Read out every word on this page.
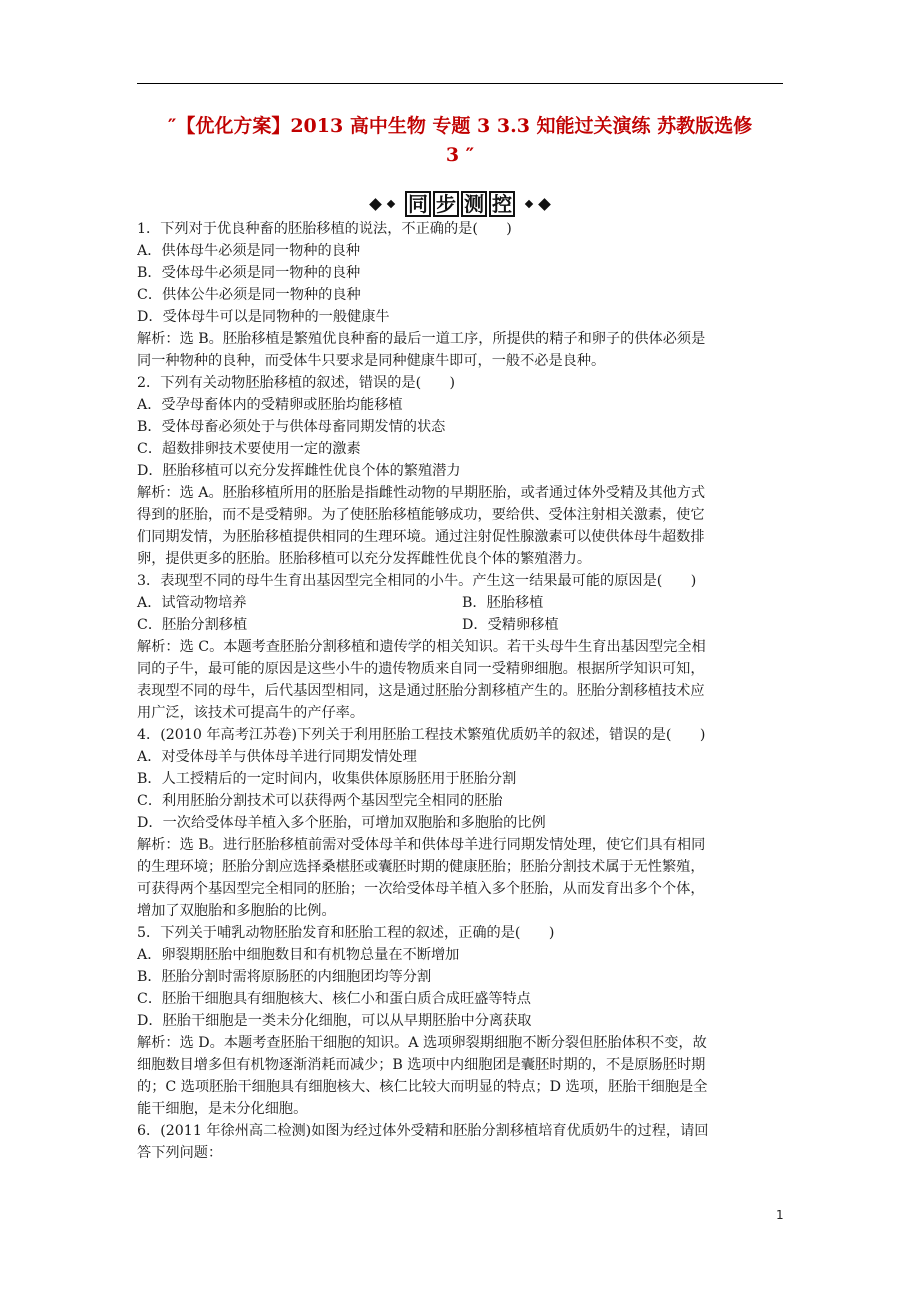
″【优化方案】2013 高中生物 专题 3 3.3 知能过关演练 苏教版选修
3 ″
同 步 测 控
1．下列对于优良种畜的胚胎移植的说法，不正确的是(　　)
A．供体母牛必须是同一物种的良种
B．受体母牛必须是同一物种的良种
C．供体公牛必须是同一物种的良种
D．受体母牛可以是同物种的一般健康牛
解析：选 B。胚胎移植是繁殖优良种畜的最后一道工序，所提供的精子和卵子的供体必须是
同一种物种的良种，而受体牛只要求是同种健康牛即可，一般不必是良种。
2．下列有关动物胚胎移植的叙述，错误的是(　　)
A．受孕母畜体内的受精卵或胚胎均能移植
B．受体母畜必须处于与供体母畜同期发情的状态
C．超数排卵技术要使用一定的激素
D．胚胎移植可以充分发挥雌性优良个体的繁殖潜力
解析：选 A。胚胎移植所用的胚胎是指雌性动物的早期胚胎，或者通过体外受精及其他方式
得到的胚胎，而不是受精卵。为了使胚胎移植能够成功，要给供、受体注射相关激素，使它
们同期发情，为胚胎移植提供相同的生理环境。通过注射促性腺激素可以使供体母牛超数排
卵，提供更多的胚胎。胚胎移植可以充分发挥雌性优良个体的繁殖潜力。
3．表现型不同的母牛生育出基因型完全相同的小牛。产生这一结果最可能的原因是(　　)
A．试管动物培养	B．胚胎移植
C．胚胎分割移植	D．受精卵移植
解析：选 C。本题考查胚胎分割移植和遗传学的相关知识。若干头母牛生育出基因型完全相
同的子牛，最可能的原因是这些小牛的遗传物质来自同一受精卵细胞。根据所学知识可知，
表现型不同的母牛，后代基因型相同，这是通过胚胎分割移植产生的。胚胎分割移植技术应
用广泛，该技术可提高牛的产仔率。
4．(2010 年高考江苏卷)下列关于利用胚胎工程技术繁殖优质奶羊的叙述，错误的是(　　)
A．对受体母羊与供体母羊进行同期发情处理
B．人工授精后的一定时间内，收集供体原肠胚用于胚胎分割
C．利用胚胎分割技术可以获得两个基因型完全相同的胚胎
D．一次给受体母羊植入多个胚胎，可增加双胞胎和多胞胎的比例
解析：选 B。进行胚胎移植前需对受体母羊和供体母羊进行同期发情处理，使它们具有相同
的生理环境；胚胎分割应选择桑椹胚或囊胚时期的健康胚胎；胚胎分割技术属于无性繁殖，
可获得两个基因型完全相同的胚胎；一次给受体母羊植入多个胚胎，从而发育出多个个体，
增加了双胞胎和多胞胎的比例。
5．下列关于哺乳动物胚胎发育和胚胎工程的叙述，正确的是(　　)
A．卵裂期胚胎中细胞数目和有机物总量在不断增加
B．胚胎分割时需将原肠胚的内细胞团均等分割
C．胚胎干细胞具有细胞核大、核仁小和蛋白质合成旺盛等特点
D．胚胎干细胞是一类未分化细胞，可以从早期胚胎中分离获取
解析：选 D。本题考查胚胎干细胞的知识。A 选项卵裂期细胞不断分裂但胚胎体积不变，故
细胞数目增多但有机物逐渐消耗而减少；B 选项中内细胞团是囊胚时期的，不是原肠胚时期
的；C 选项胚胎干细胞具有细胞核大、核仁比较大而明显的特点；D 选项，胚胎干细胞是全
能干细胞，是未分化细胞。
6．(2011 年徐州高二检测)如图为经过体外受精和胚胎分割移植培育优质奶牛的过程，请回
答下列问题：
1
